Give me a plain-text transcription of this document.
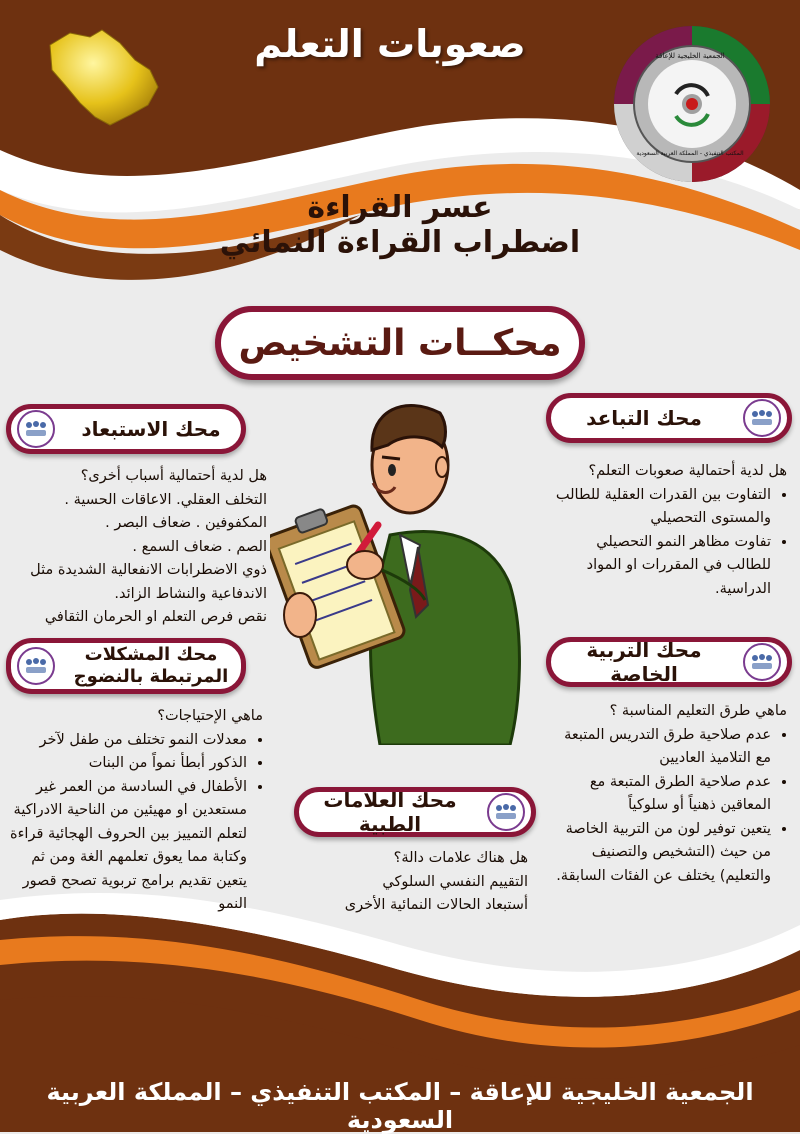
صعوبات التعلم	الجمعية الخليجية للإعاقة
المكتب التنفيذي - المملكة العربية السعودية
عسر القراءة
اضطراب القراءة النمائي
محكــات التشخيص
محك التباعد
هل لدية أحتمالية صعوبات التعلم؟
• التفاوت بين القدرات العقلية للطالب والمستوى التحصيلي
• تفاوت مظاهر النمو التحصيلي للطالب في المقررات او المواد الدراسية.
محك الاستبعاد
هل لدية أحتمالية أسباب أخرى؟
التخلف العقلي. الاعاقات الحسية .
المكفوفين . ضعاف البصر .
الصم . ضعاف السمع .
ذوي الاضطرابات الانفعالية الشديدة مثل الاندفاعية والنشاط الزائد.
نقص فرص التعلم او الحرمان الثقافي
محك المشكلات المرتبطة بالنضوج
ماهي الإحتياجات؟
• معدلات النمو تختلف من طفل لآخر
• الذكور أبطأ نمواً من البنات
• الأطفال في السادسة من العمر غير مستعدين او مهيئين من الناحية الادراكية لتعلم التمييز بين الحروف الهجائية قراءة وكتابة مما يعوق تعلمهم الغة ومن ثم يتعين تقديم برامج تربوية تصحح قصور النمو
محك التربية الخاصة
ماهي طرق التعليم المناسبة ؟
• عدم صلاحية طرق التدريس المتبعة مع التلاميذ العاديين
• عدم صلاحية الطرق المتبعة مع المعاقين ذهنياً أو سلوكياً
• يتعين توفير لون من التربية الخاصة من حيث (التشخيص والتصنيف والتعليم) يختلف عن الفئات السابقة.
محك العلامات الطبية
هل هناك علامات دالة؟
التقييم النفسي السلوكي
أستبعاد الحالات النمائية الأخرى
الجمعية الخليجية للإعاقة – المكتب التنفيذي – المملكة العربية السعودية
